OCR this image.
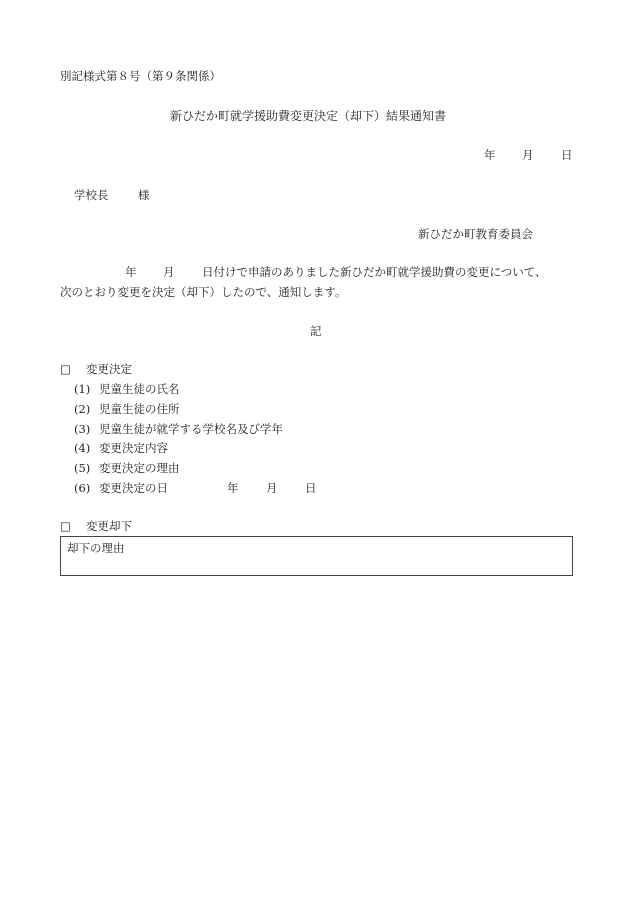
別記様式第８号（第９条関係）
新ひだか町就学援助費変更決定（却下）結果通知書
年 月 日
学校長	様
新ひだか町教育委員会
年 月 日付けで申請のありました新ひだか町就学援助費の変更について、
次のとおり変更を決定（却下）したので、通知します。
記
□ 変更決定
(1) 児童生徒の氏名
(2) 児童生徒の住所
(3) 児童生徒が就学する学校名及び学年
(4) 変更決定内容
(5) 変更決定の理由
(6) 変更決定の日	年 月 日
□ 変更却下
却下の理由
